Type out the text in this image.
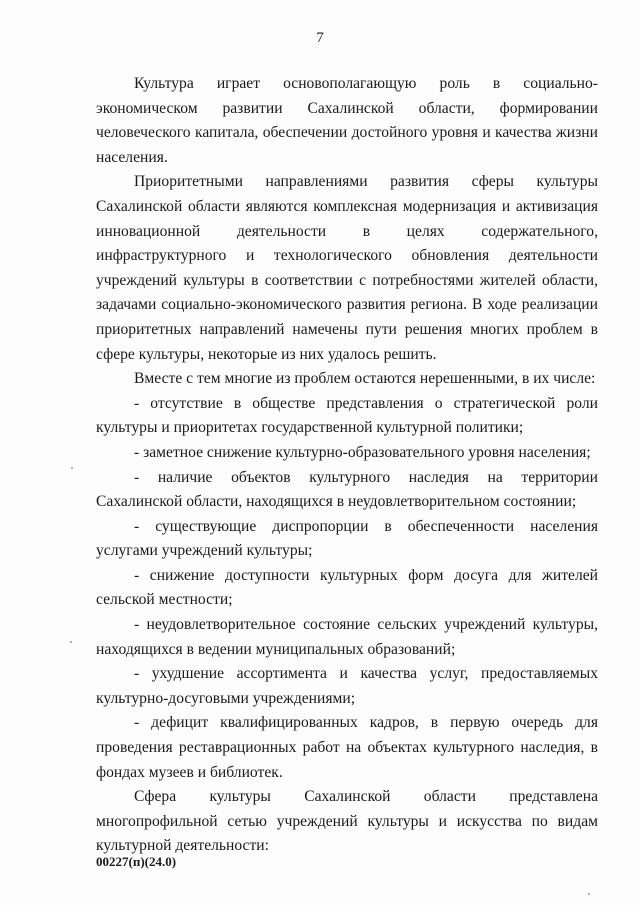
7

Культура играет основополагающую роль в социально-экономическом развитии Сахалинской области, формировании человеческого капитала, обеспечении достойного уровня и качества жизни населения.

Приоритетными направлениями развития сферы культуры Сахалинской области являются комплексная модернизация и активизация инновационной деятельности в целях содержательного, инфраструктурного и технологического обновления деятельности учреждений культуры в соответствии с потребностями жителей области, задачами социально-экономического развития региона. В ходе реализации приоритетных направлений намечены пути решения многих проблем в сфере культуры, некоторые из них удалось решить.

Вместе с тем многие из проблем остаются нерешенными, в их числе:

- отсутствие в обществе представления о стратегической роли культуры и приоритетах государственной культурной политики;

- заметное снижение культурно-образовательного уровня населения;

- наличие объектов культурного наследия на территории Сахалинской области, находящихся в неудовлетворительном состоянии;

- существующие диспропорции в обеспеченности населения услугами учреждений культуры;

- снижение доступности культурных форм досуга для жителей сельской местности;

- неудовлетворительное состояние сельских учреждений культуры, находящихся в ведении муниципальных образований;

- ухудшение ассортимента и качества услуг, предоставляемых культурно-досуговыми учреждениями;

- дефицит квалифицированных кадров, в первую очередь для проведения реставрационных работ на объектах культурного наследия, в фондах музеев и библиотек.

Сфера культуры Сахалинской области представлена многопрофильной сетью учреждений культуры и искусства по видам культурной деятельности:

00227(п)(24.0)
